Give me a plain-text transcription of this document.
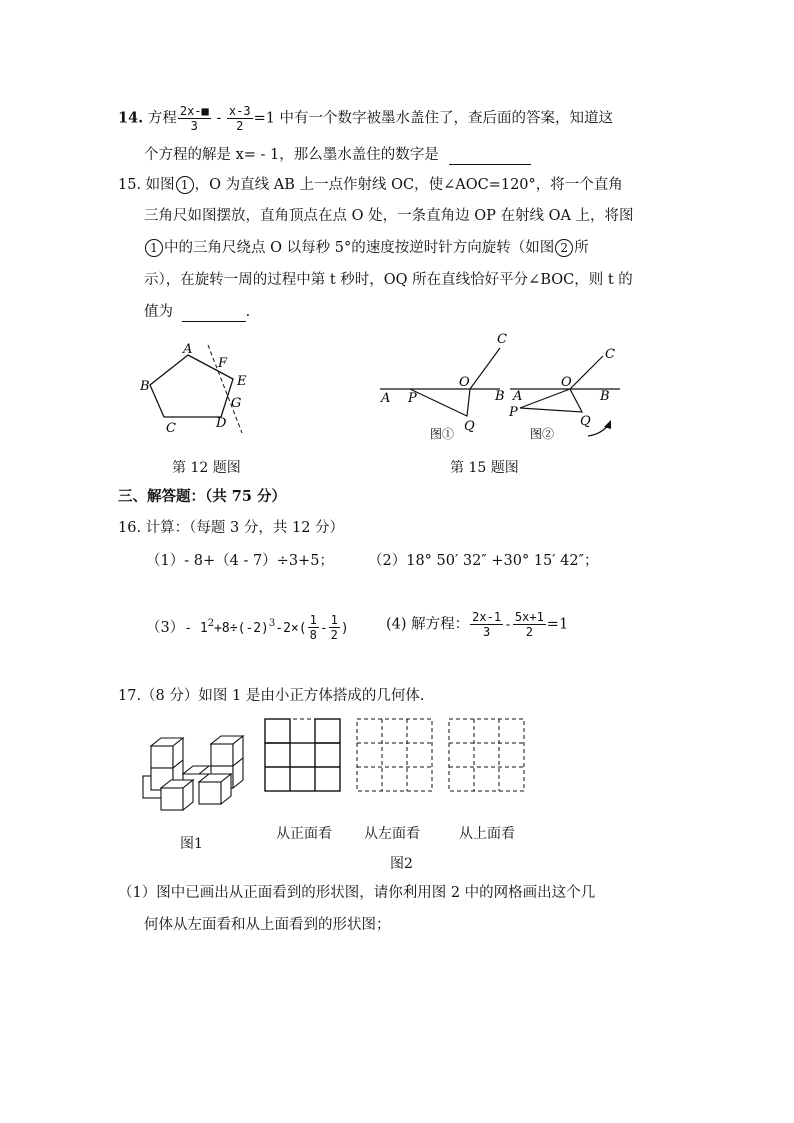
14. 方程 $\frac{2x-■}{3} - \frac{x-3}{2} =1$ 中有一个数字被墨水盖住了，查后面的答案，知道这
个方程的解是 x= - 1，那么墨水盖住的数字是
15. 如图 1 ，O 为直线 AB 上一点作射线 OC，使∠AOC=120°，将一个直角
三角尺如图摆放，直角顶点在点 O 处，一条直角边 OP 在射线 OA 上，将图
1 中的三角尺绕点 O 以每秒 5°的速度按逆时针方向旋转（如图 2 所
示），在旋转一周的过程中第 t 秒时，OQ 所在直线恰好平分∠BOC，则 t 的
值为	.
A
B
C	D
E
F
G
第 12 题图
C
O
A P	B
Q
图①
C
O
A
P
B
Q
图②
第 15 题图
三、解答题：（共 75 分）
16. 计算：（每题 3 分，共 12 分）
（1）- 8+（4 - 7）÷3+5； （2）18° 50′ 32″ +30° 15′ 42″；
（3）- $1^2+8\div(-2)^3-2\times( \frac{1}{8} - \frac{1}{2}$ )	(4) 解方程： $\frac{2x-1}{3} - \frac{5x+1}{2} =1$
17.（8 分）如图 1 是由小正方体搭成的几何体.
图1
从正面看 从左面看	从上面看
图2
（1）图中已画出从正面看到的形状图，请你利用图 2 中的网格画出这个几
何体从左面看和从上面看到的形状图；
